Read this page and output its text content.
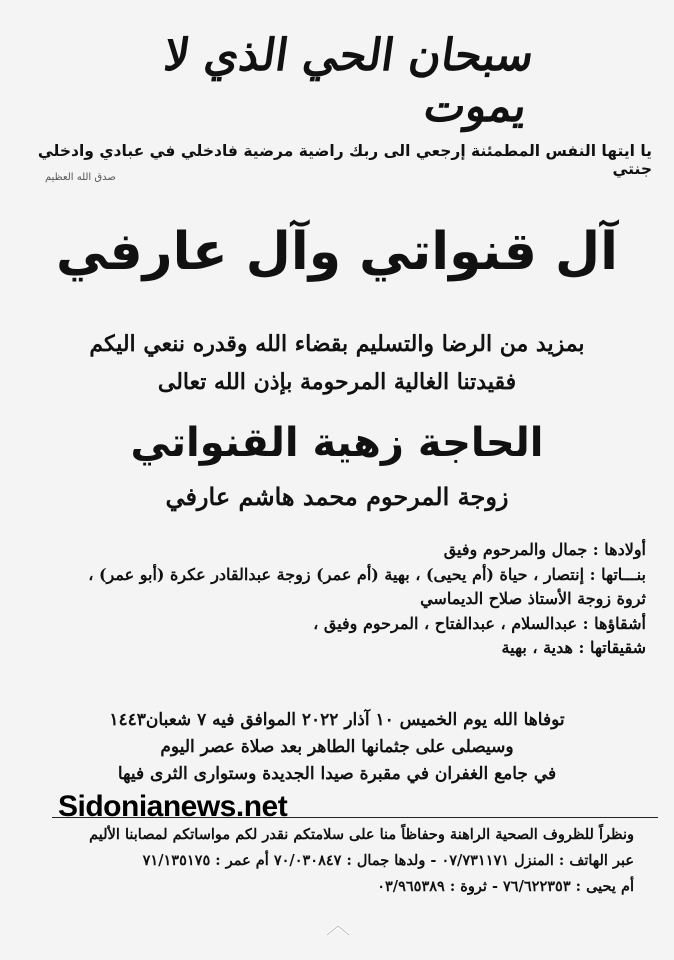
سبحان الحي الذي لا يموت
يا ايتها النفس المطمئنة إرجعي الى ربك راضية مرضية فادخلي في عبادي وادخلي جنتي
صدق الله العظيم
آل قنواتي وآل عارفي
بمزيد من الرضا والتسليم بقضاء الله وقدره ننعي اليكم
فقيدتنا الغالية المرحومة بإذن الله تعالى
الحاجة زهية القنواتي
زوجة المرحوم محمد هاشم عارفي
أولادها : جمال والمرحوم وفيق
بنـــاتها : إنتصار ، حياة (أم يحيى) ، بهية (أم عمر) زوجة عبدالقادر عكرة (أبو عمر) ،
ثروة زوجة الأستاذ صلاح الديماسي
أشقاؤها : عبدالسلام ، عبدالفتاح ، المرحوم وفيق ،
شقيقاتها : هدية ، بهية
توفاها الله يوم الخميس ١٠ آذار ٢٠٢٢ الموافق فيه ٧ شعبان١٤٤٣
وسيصلى على جثمانها الطاهر بعد صلاة عصر اليوم
في جامع الغفران في مقبرة صيدا الجديدة وستوارى الثرى فيها
Sidonianews.net
ونظراً للظروف الصحية الراهنة وحفاظاً منا على سلامتكم نقدر لكم مواساتكم لمصابنا الأليم
عبر الهاتف : المنزل ٠٧/٧٣١١٧١ - ولدها جمال : ٧٠/٠٣٠٨٤٧ أم عمر : ٧١/١٣٥١٧٥
أم يحيى : ٧٦/٦٢٢٣٥٣ - ثروة : ٠٣/٩٦٥٣٨٩
